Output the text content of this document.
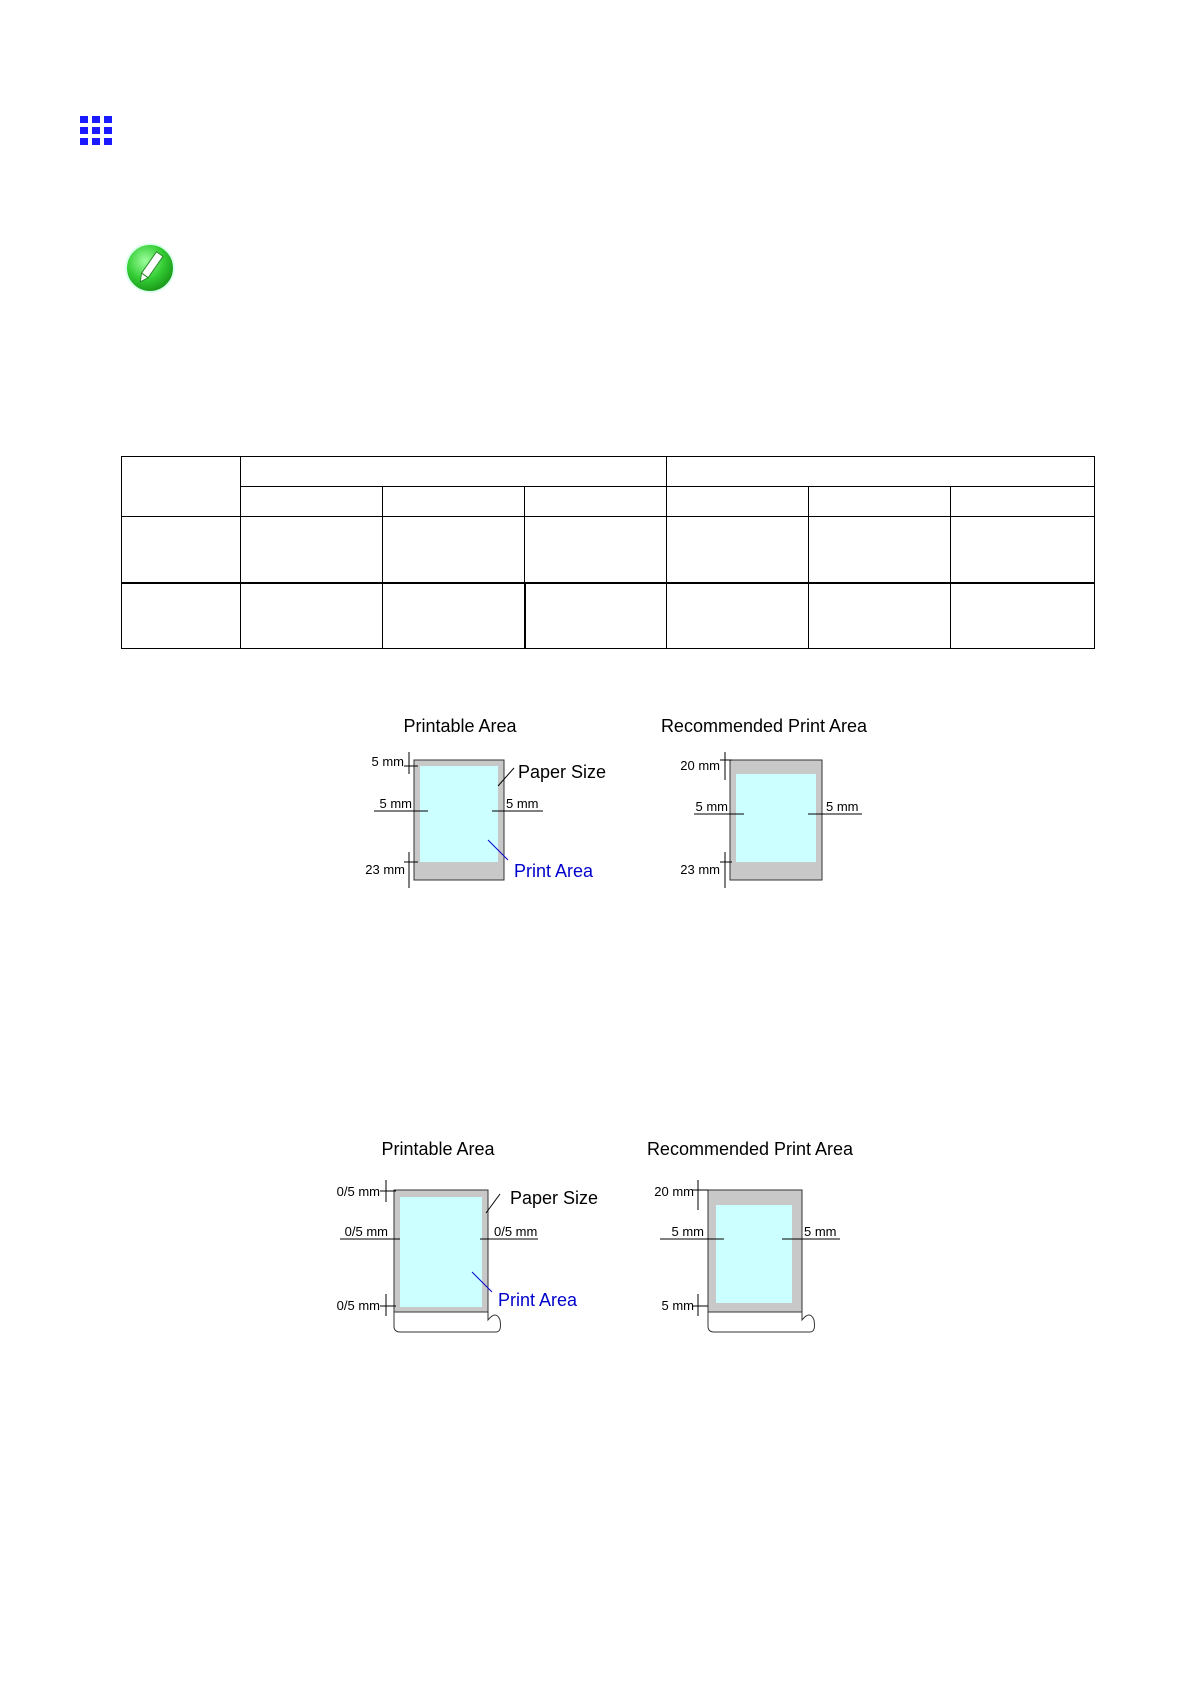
Printable Area
5 mm
5 mm	5 mm
23 mm
Paper Size
Print Area
Recommended Print Area
20 mm
5 mm	5 mm
23 mm
Printable Area
0/5 mm
0/5 mm	0/5 mm
0/5 mm
Paper Size
Print Area
Recommended Print Area
20 mm
5 mm	5 mm
5 mm
